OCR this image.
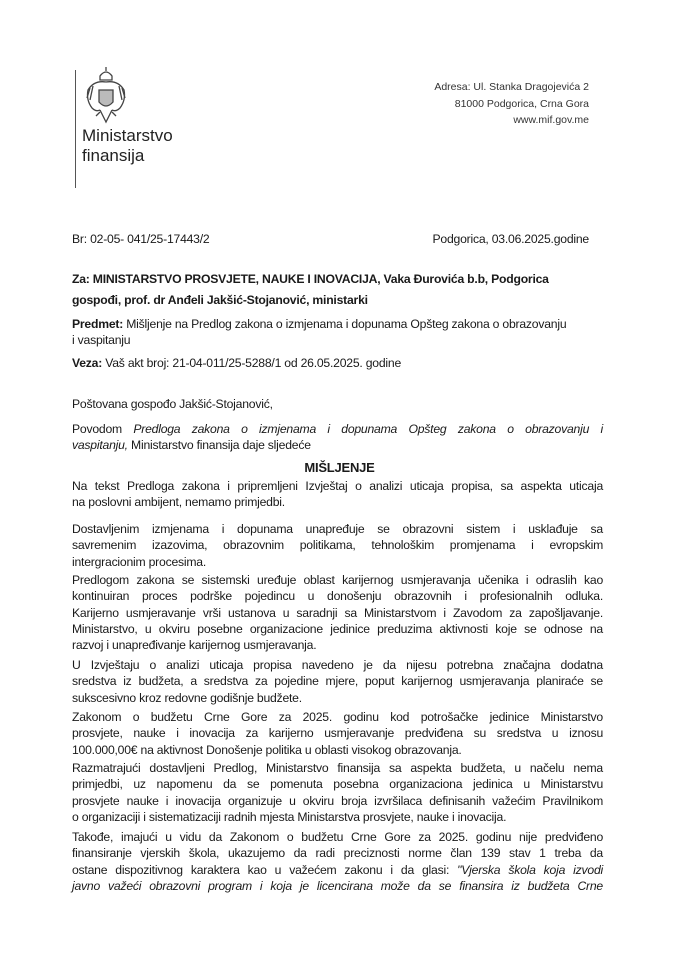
Ministarstvo
finansija
Adresa: Ul. Stanka Dragojevića 2
81000 Podgorica, Crna Gora
www.mif.gov.me
Br: 02-05- 041/25-17443/2	Podgorica, 03.06.2025.godine
Za: MINISTARSTVO PROSVJETE, NAUKE I INOVACIJA, Vaka Đurovića b.b, Podgorica
gospođi, prof. dr Anđeli Jakšić-Stojanović, ministarki
Predmet: Mišljenje na Predlog zakona o izmjenama i dopunama Opšteg zakona o obrazovanju
i vaspitanju
Veza: Vaš akt broj: 21-04-011/25-5288/1 od 26.05.2025. godine
Poštovana gospođo Jakšić-Stojanović,
Povodom Predloga zakona o izmjenama i dopunama Opšteg zakona o obrazovanju i
vaspitanju, Ministarstvo finansija daje sljedeće
MIŠLJENJE
Na tekst Predloga zakona i pripremljeni Izvještaj o analizi uticaja propisa, sa aspekta uticaja
na poslovni ambijent, nemamo primjedbi.
Dostavljenim izmjenama i dopunama unapređuje se obrazovni sistem i usklađuje sa
savremenim izazovima, obrazovnim politikama, tehnološkim promjenama i evropskim
intergracionim procesima.
Predlogom zakona se sistemski uređuje oblast karijernog usmjeravanja učenika i odraslih kao
kontinuiran proces podrške pojedincu u donošenju obrazovnih i profesionalnih odluka.
Karijerno usmjeravanje vrši ustanova u saradnji sa Ministarstvom i Zavodom za zapošljavanje.
Ministarstvo, u okviru posebne organizacione jedinice preduzima aktivnosti koje se odnose na
razvoj i unapređivanje karijernog usmjeravanja.
U Izvještaju o analizi uticaja propisa navedeno je da nijesu potrebna značajna dodatna
sredstva iz budžeta, a sredstva za pojedine mjere, poput karijernog usmjeravanja planiraće se
sukscesivno kroz redovne godišnje budžete.
Zakonom o budžetu Crne Gore za 2025. godinu kod potrošačke jedinice Ministarstvo
prosvjete, nauke i inovacija za karijerno usmjeravanje predviđena su sredstva u iznosu
100.000,00€ na aktivnost Donošenje politika u oblasti visokog obrazovanja.
Razmatrajući dostavljeni Predlog, Ministarstvo finansija sa aspekta budžeta, u načelu nema
primjedbi, uz napomenu da se pomenuta posebna organizaciona jedinica u Ministarstvu
prosvjete nauke i inovacija organizuje u okviru broja izvršilaca definisanih važećim Pravilnikom
o organizaciji i sistematizaciji radnih mjesta Ministarstva prosvjete, nauke i inovacija.
Takođe, imajući u vidu da Zakonom o budžetu Crne Gore za 2025. godinu nije predviđeno
finansiranje vjerskih škola, ukazujemo da radi preciznosti norme član 139 stav 1 treba da
ostane dispozitivnog karaktera kao u važećem zakonu i da glasi: "Vjerska škola koja izvodi
javno važeći obrazovni program i koja je licencirana može da se finansira iz budžeta Crne
